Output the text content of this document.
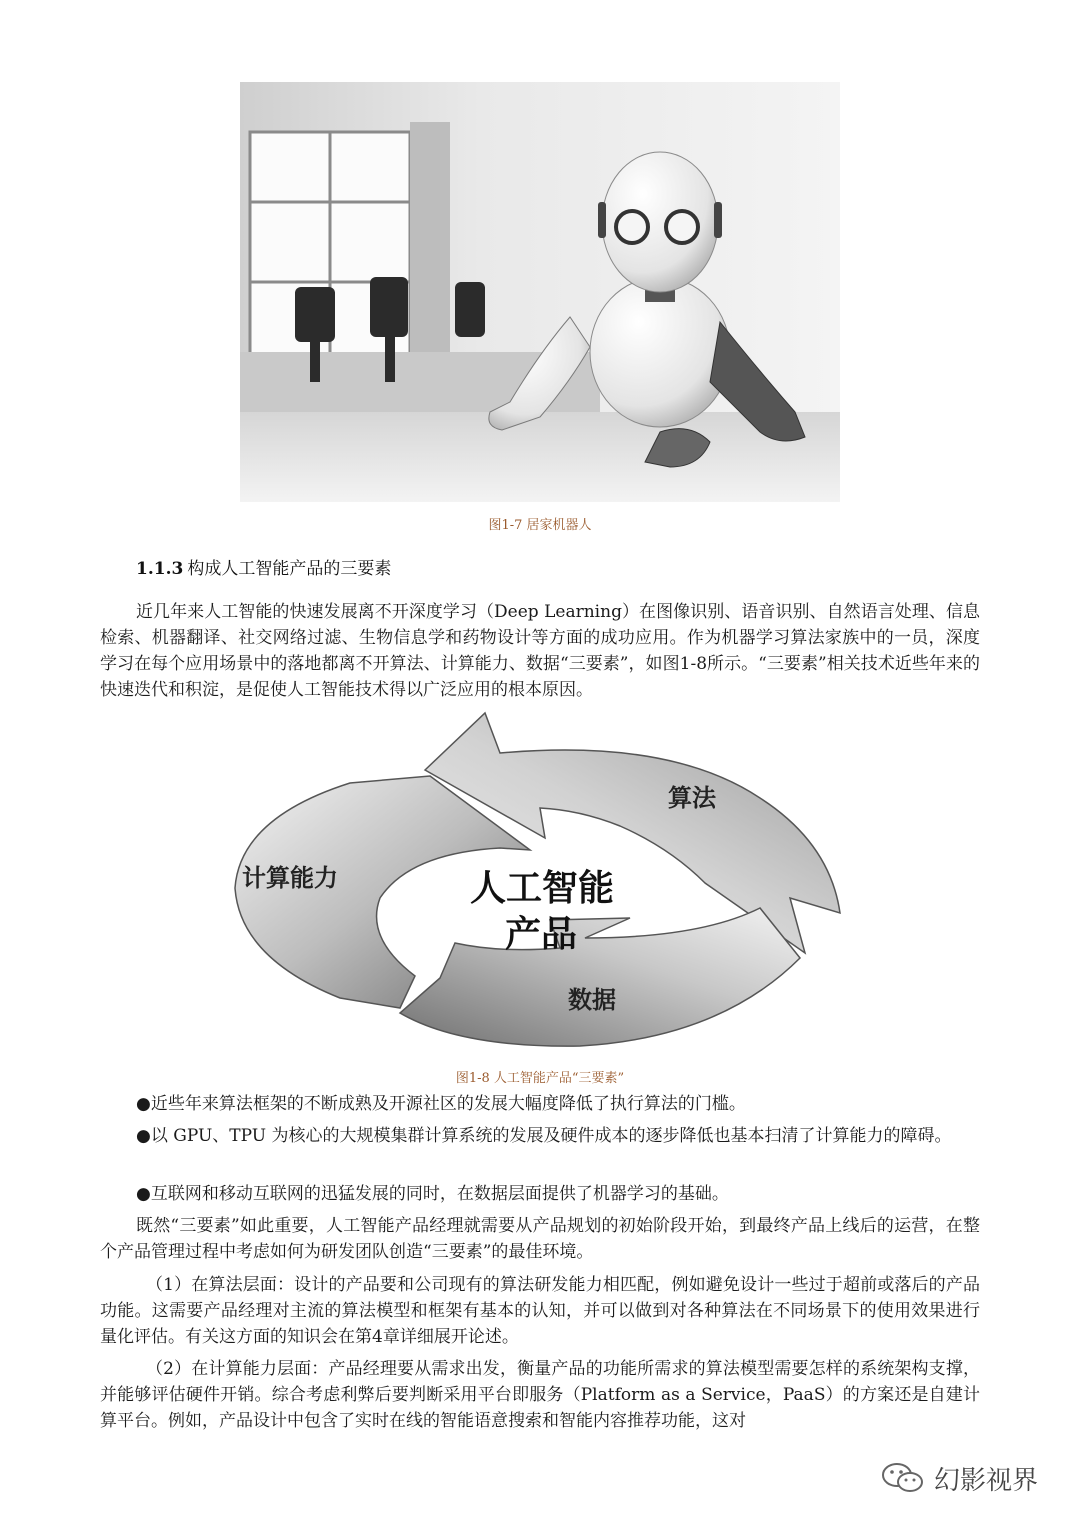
图1-7 居家机器人
1.1.3 构成人工智能产品的三要素

近几年来人工智能的快速发展离不开深度学习（Deep Learning）在图像识别、语音识别、自然语言处理、信息检索、机器翻译、社交网络过滤、生物信息学和药物设计等方面的成功应用。作为机器学习算法家族中的一员，深度学习在每个应用场景中的落地都离不开算法、计算能力、数据“三要素”，如图1-8所示。“三要素”相关技术近些年来的快速迭代和积淀，是促使人工智能技术得以广泛应用的根本原因。

算法
计算能力
数据
人工智能
产品
图1-8 人工智能产品“三要素”

●近些年来算法框架的不断成熟及开源社区的发展大幅度降低了执行算法的门槛。

●以 GPU、TPU 为核心的大规模集群计算系统的发展及硬件成本的逐步降低也基本扫清了计算能力的障碍。

●互联网和移动互联网的迅猛发展的同时，在数据层面提供了机器学习的基础。

既然“三要素”如此重要，人工智能产品经理就需要从产品规划的初始阶段开始，到最终产品上线后的运营，在整个产品管理过程中考虑如何为研发团队创造“三要素”的最佳环境。

（1）在算法层面：设计的产品要和公司现有的算法研发能力相匹配，例如避免设计一些过于超前或落后的产品功能。这需要产品经理对主流的算法模型和框架有基本的认知，并可以做到对各种算法在不同场景下的使用效果进行量化评估。有关这方面的知识会在第4章详细展开论述。

（2）在计算能力层面：产品经理要从需求出发，衡量产品的功能所需求的算法模型需要怎样的系统架构支撑，并能够评估硬件开销。综合考虑利弊后要判断采用平台即服务（Platform as a Service，PaaS）的方案还是自建计算平台。例如，产品设计中包含了实时在线的智能语意搜索和智能内容推荐功能，这对

幻影视界
